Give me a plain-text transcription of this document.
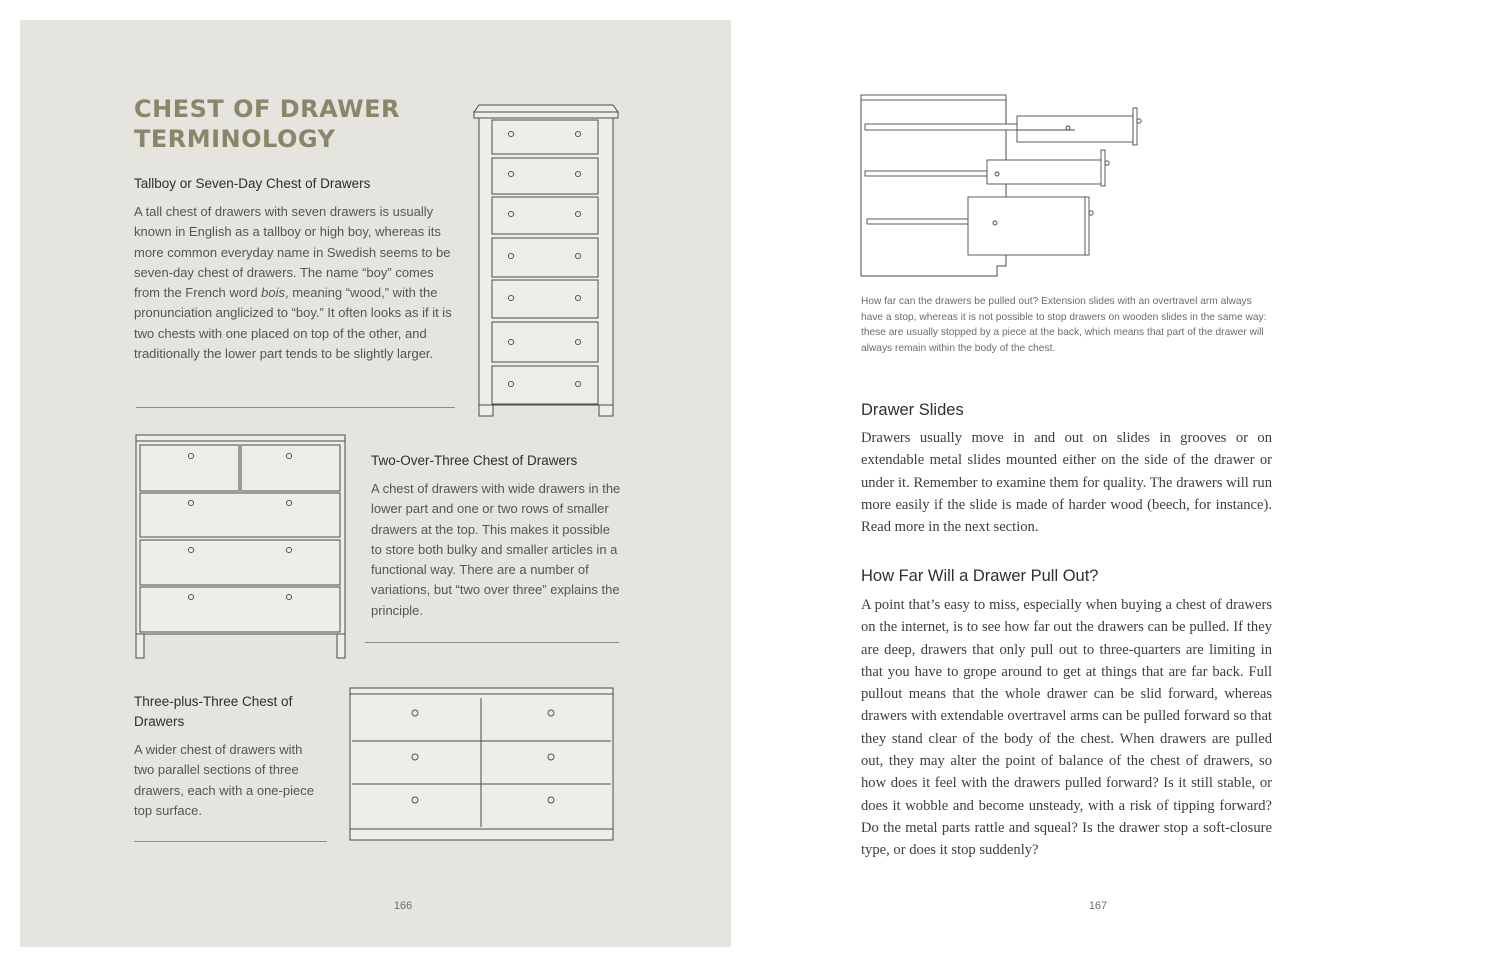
CHEST OF DRAWER
TERMINOLOGY
Tallboy or Seven-Day Chest of Drawers

A tall chest of drawers with seven drawers is usually known in English as a tallboy or high boy, whereas its more common everyday name in Swedish seems to be seven-day chest of drawers. The name “boy” comes from the French word bois, meaning “wood,” with the pronunciation anglicized to “boy.” It often looks as if it is two chests with one placed on top of the other, and traditionally the lower part tends to be slightly larger.

Two-Over-Three Chest of Drawers

A chest of drawers with wide drawers in the lower part and one or two rows of smaller drawers at the top. This makes it possible to store both bulky and smaller articles in a functional way. There are a number of variations, but “two over three” explains the principle.

Three-plus-Three Chest of Drawers

A wider chest of drawers with two parallel sections of three drawers, each with a one-piece top surface.

166

How far can the drawers be pulled out? Extension slides with an overtravel arm always have a stop, whereas it is not possible to stop drawers on wooden slides in the same way: these are usually stopped by a piece at the back, which means that part of the drawer will always remain within the body of the chest.

Drawer Slides

Drawers usually move in and out on slides in grooves or on extendable metal slides mounted either on the side of the drawer or under it. Remember to examine them for quality. The drawers will run more easily if the slide is made of harder wood (beech, for instance). Read more in the next section.

How Far Will a Drawer Pull Out?

A point that’s easy to miss, especially when buying a chest of drawers on the internet, is to see how far out the drawers can be pulled. If they are deep, drawers that only pull out to three-quarters are limiting in that you have to grope around to get at things that are far back. Full pullout means that the whole drawer can be slid forward, whereas drawers with extendable overtravel arms can be pulled forward so that they stand clear of the body of the chest. When drawers are pulled out, they may alter the point of balance of the chest of drawers, so how does it feel with the drawers pulled forward? Is it still stable, or does it wobble and become unsteady, with a risk of tipping forward? Do the metal parts rattle and squeal? Is the drawer stop a soft-closure type, or does it stop suddenly?

167
